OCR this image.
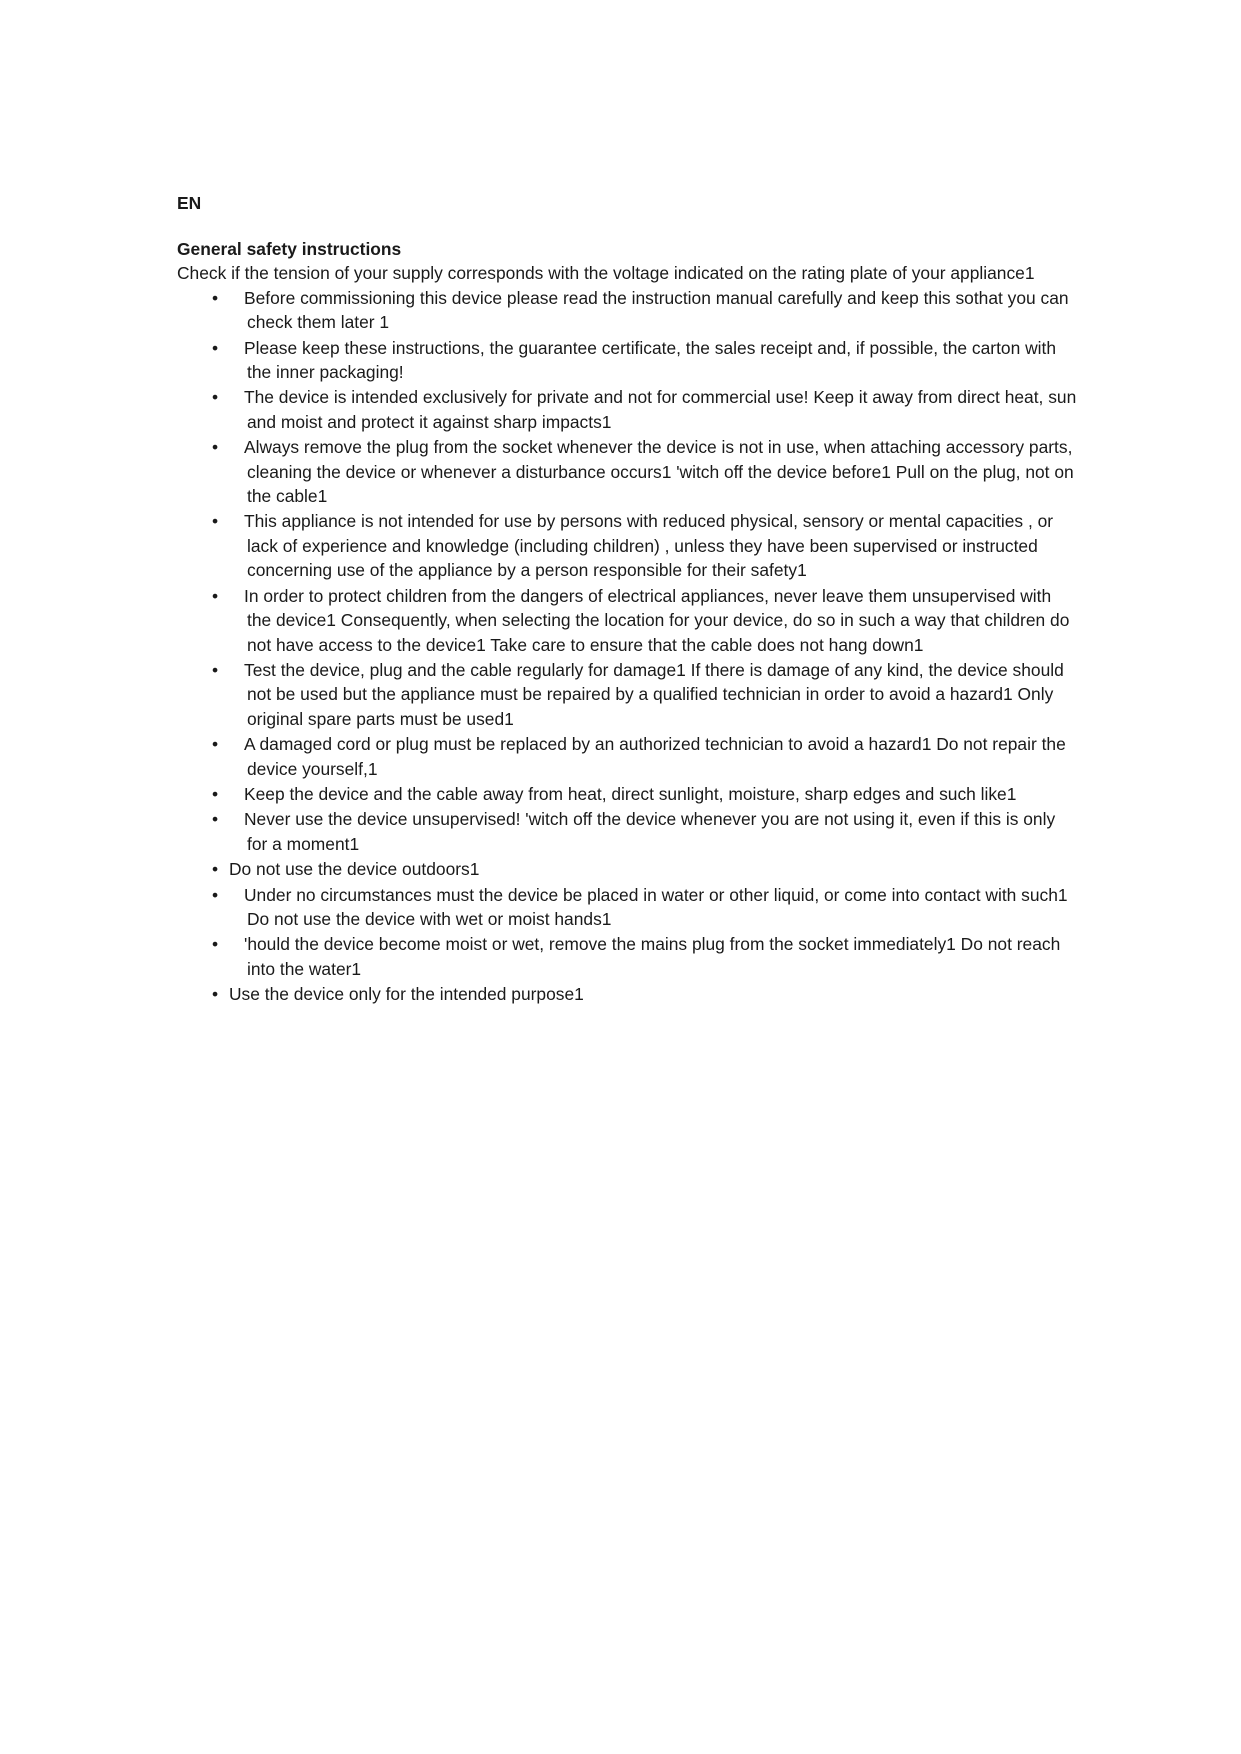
EN
General safety instructions
Check if the tension of your supply corresponds with the voltage indicated on the rating plate of your appliance1
• Before commissioning this device please read the instruction manual carefully and keep this sothat you can check them later 1
• Please keep these instructions, the guarantee certificate, the sales receipt and, if possible, the carton with the inner packaging!
• The device is intended exclusively for private and not for commercial use! Keep it away from direct heat, sun and moist and protect it against sharp impacts1
• Always remove the plug from the socket whenever the device is not in use, when attaching accessory parts, cleaning the device or whenever a disturbance occurs1 'witch off the device before1 Pull on the plug, not on the cable1
• This appliance is not intended for use by persons with reduced physical, sensory or mental capacities , or lack of experience and knowledge (including children) , unless they have been supervised or instructed concerning use of the appliance by a person responsible for their safety1
• In order to protect children from the dangers of electrical appliances, never leave them unsupervised with the device1 Consequently, when selecting the location for your device, do so in such a way that children do not have access to the device1 Take care to ensure that the cable does not hang down1
• Test the device, plug and the cable regularly for damage1 If there is damage of any kind, the device should not be used but the appliance must be repaired by a qualified technician in order to avoid a hazard1 Only original spare parts must be used1
• A damaged cord or plug must be replaced by an authorized technician to avoid a hazard1 Do not repair the device yourself,1
• Keep the device and the cable away from heat, direct sunlight, moisture, sharp edges and such like1
• Never use the device unsupervised! 'witch off the device whenever you are not using it, even if this is only for a moment1
• Do not use the device outdoors1
• Under no circumstances must the device be placed in water or other liquid, or come into contact with such1 Do not use the device with wet or moist hands1
• 'hould the device become moist or wet, remove the mains plug from the socket immediately1 Do not reach into the water1
• Use the device only for the intended purpose1
